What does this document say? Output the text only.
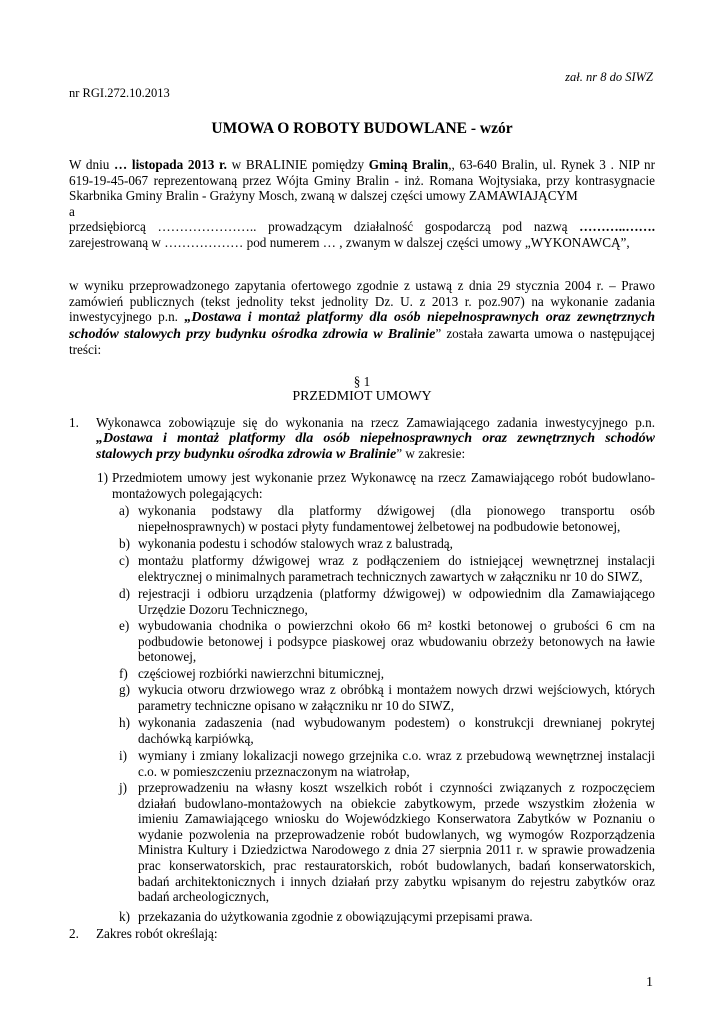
zał. nr 8 do SIWZ
nr RGI.272.10.2013
UMOWA O ROBOTY BUDOWLANE - wzór

W dniu … listopada 2013 r. w BRALINIE pomiędzy Gminą Bralin,, 63-640 Bralin, ul. Rynek 3 . NIP nr

619-19-45-067 reprezentowaną przez Wójta Gminy Bralin - inż. Romana Wojtysiaka, przy kontrasygnacie

Skarbnika Gminy Bralin - Grażyny Mosch, zwaną w dalszej części umowy ZAMAWIAJĄCYM

a

przedsiębiorcą ………………….. prowadzącym działalność gospodarczą pod nazwą ………..…….

zarejestrowaną w ……………… pod numerem … , zwanym w dalszej części umowy „WYKONAWCĄ”,

w wyniku przeprowadzonego zapytania ofertowego zgodnie z ustawą z dnia 29 stycznia 2004 r. – Prawo

zamówień publicznych (tekst jednolity tekst jednolity Dz. U. z 2013 r. poz.907) na wykonanie zadania

inwestycyjnego p.n. „Dostawa i montaż platformy dla osób niepełnosprawnych oraz zewnętrznych

schodów stalowych przy budynku ośrodka zdrowia w Bralinie” została zawarta umowa o następującej

treści:

§ 1
PRZEDMIOT UMOWY
1. Wykonawca zobowiązuje się do wykonania na rzecz Zamawiającego zadania inwestycyjnego p.n.

„Dostawa i montaż platformy dla osób niepełnosprawnych oraz zewnętrznych schodów

stalowych przy budynku ośrodka zdrowia w Bralinie” w zakresie:

1) Przedmiotem umowy jest wykonanie przez Wykonawcę na rzecz Zamawiającego robót budowlano-

montażowych polegających:

a) wykonania podstawy dla platformy dźwigowej (dla pionowego transportu osób

niepełnosprawnych) w postaci płyty fundamentowej żelbetowej na podbudowie betonowej,

b) wykonania podestu i schodów stalowych wraz z balustradą,

c) montażu platformy dźwigowej wraz z podłączeniem do istniejącej wewnętrznej instalacji

elektrycznej o minimalnych parametrach technicznych zawartych w załączniku nr 10 do SIWZ,

d) rejestracji i odbioru urządzenia (platformy dźwigowej) w odpowiednim dla Zamawiającego

Urzędzie Dozoru Technicznego,

e) wybudowania chodnika o powierzchni około 66 m² kostki betonowej o grubości 6 cm na

podbudowie betonowej i podsypce piaskowej oraz wbudowaniu obrzeży betonowych na ławie

betonowej,

f) częściowej rozbiórki nawierzchni bitumicznej,

g) wykucia otworu drzwiowego wraz z obróbką i montażem nowych drzwi wejściowych, których

parametry techniczne opisano w załączniku nr 10 do SIWZ,

h) wykonania zadaszenia (nad wybudowanym podestem) o konstrukcji drewnianej pokrytej

dachówką karpiówką,

i) wymiany i zmiany lokalizacji nowego grzejnika c.o. wraz z przebudową wewnętrznej instalacji

c.o. w pomieszczeniu przeznaczonym na wiatrołap,

j) przeprowadzeniu na własny koszt wszelkich robót i czynności związanych z rozpoczęciem

działań budowlano-montażowych na obiekcie zabytkowym, przede wszystkim złożenia w

imieniu Zamawiającego wniosku do Wojewódzkiego Konserwatora Zabytków w Poznaniu o

wydanie pozwolenia na przeprowadzenie robót budowlanych, wg wymogów Rozporządzenia

Ministra Kultury i Dziedzictwa Narodowego z dnia 27 sierpnia 2011 r. w sprawie prowadzenia

prac konserwatorskich, prac restauratorskich, robót budowlanych, badań konserwatorskich,

badań architektonicznych i innych działań przy zabytku wpisanym do rejestru zabytków oraz

badań archeologicznych,

k) przekazania do użytkowania zgodnie z obowiązującymi przepisami prawa.

2. Zakres robót określają:
1
